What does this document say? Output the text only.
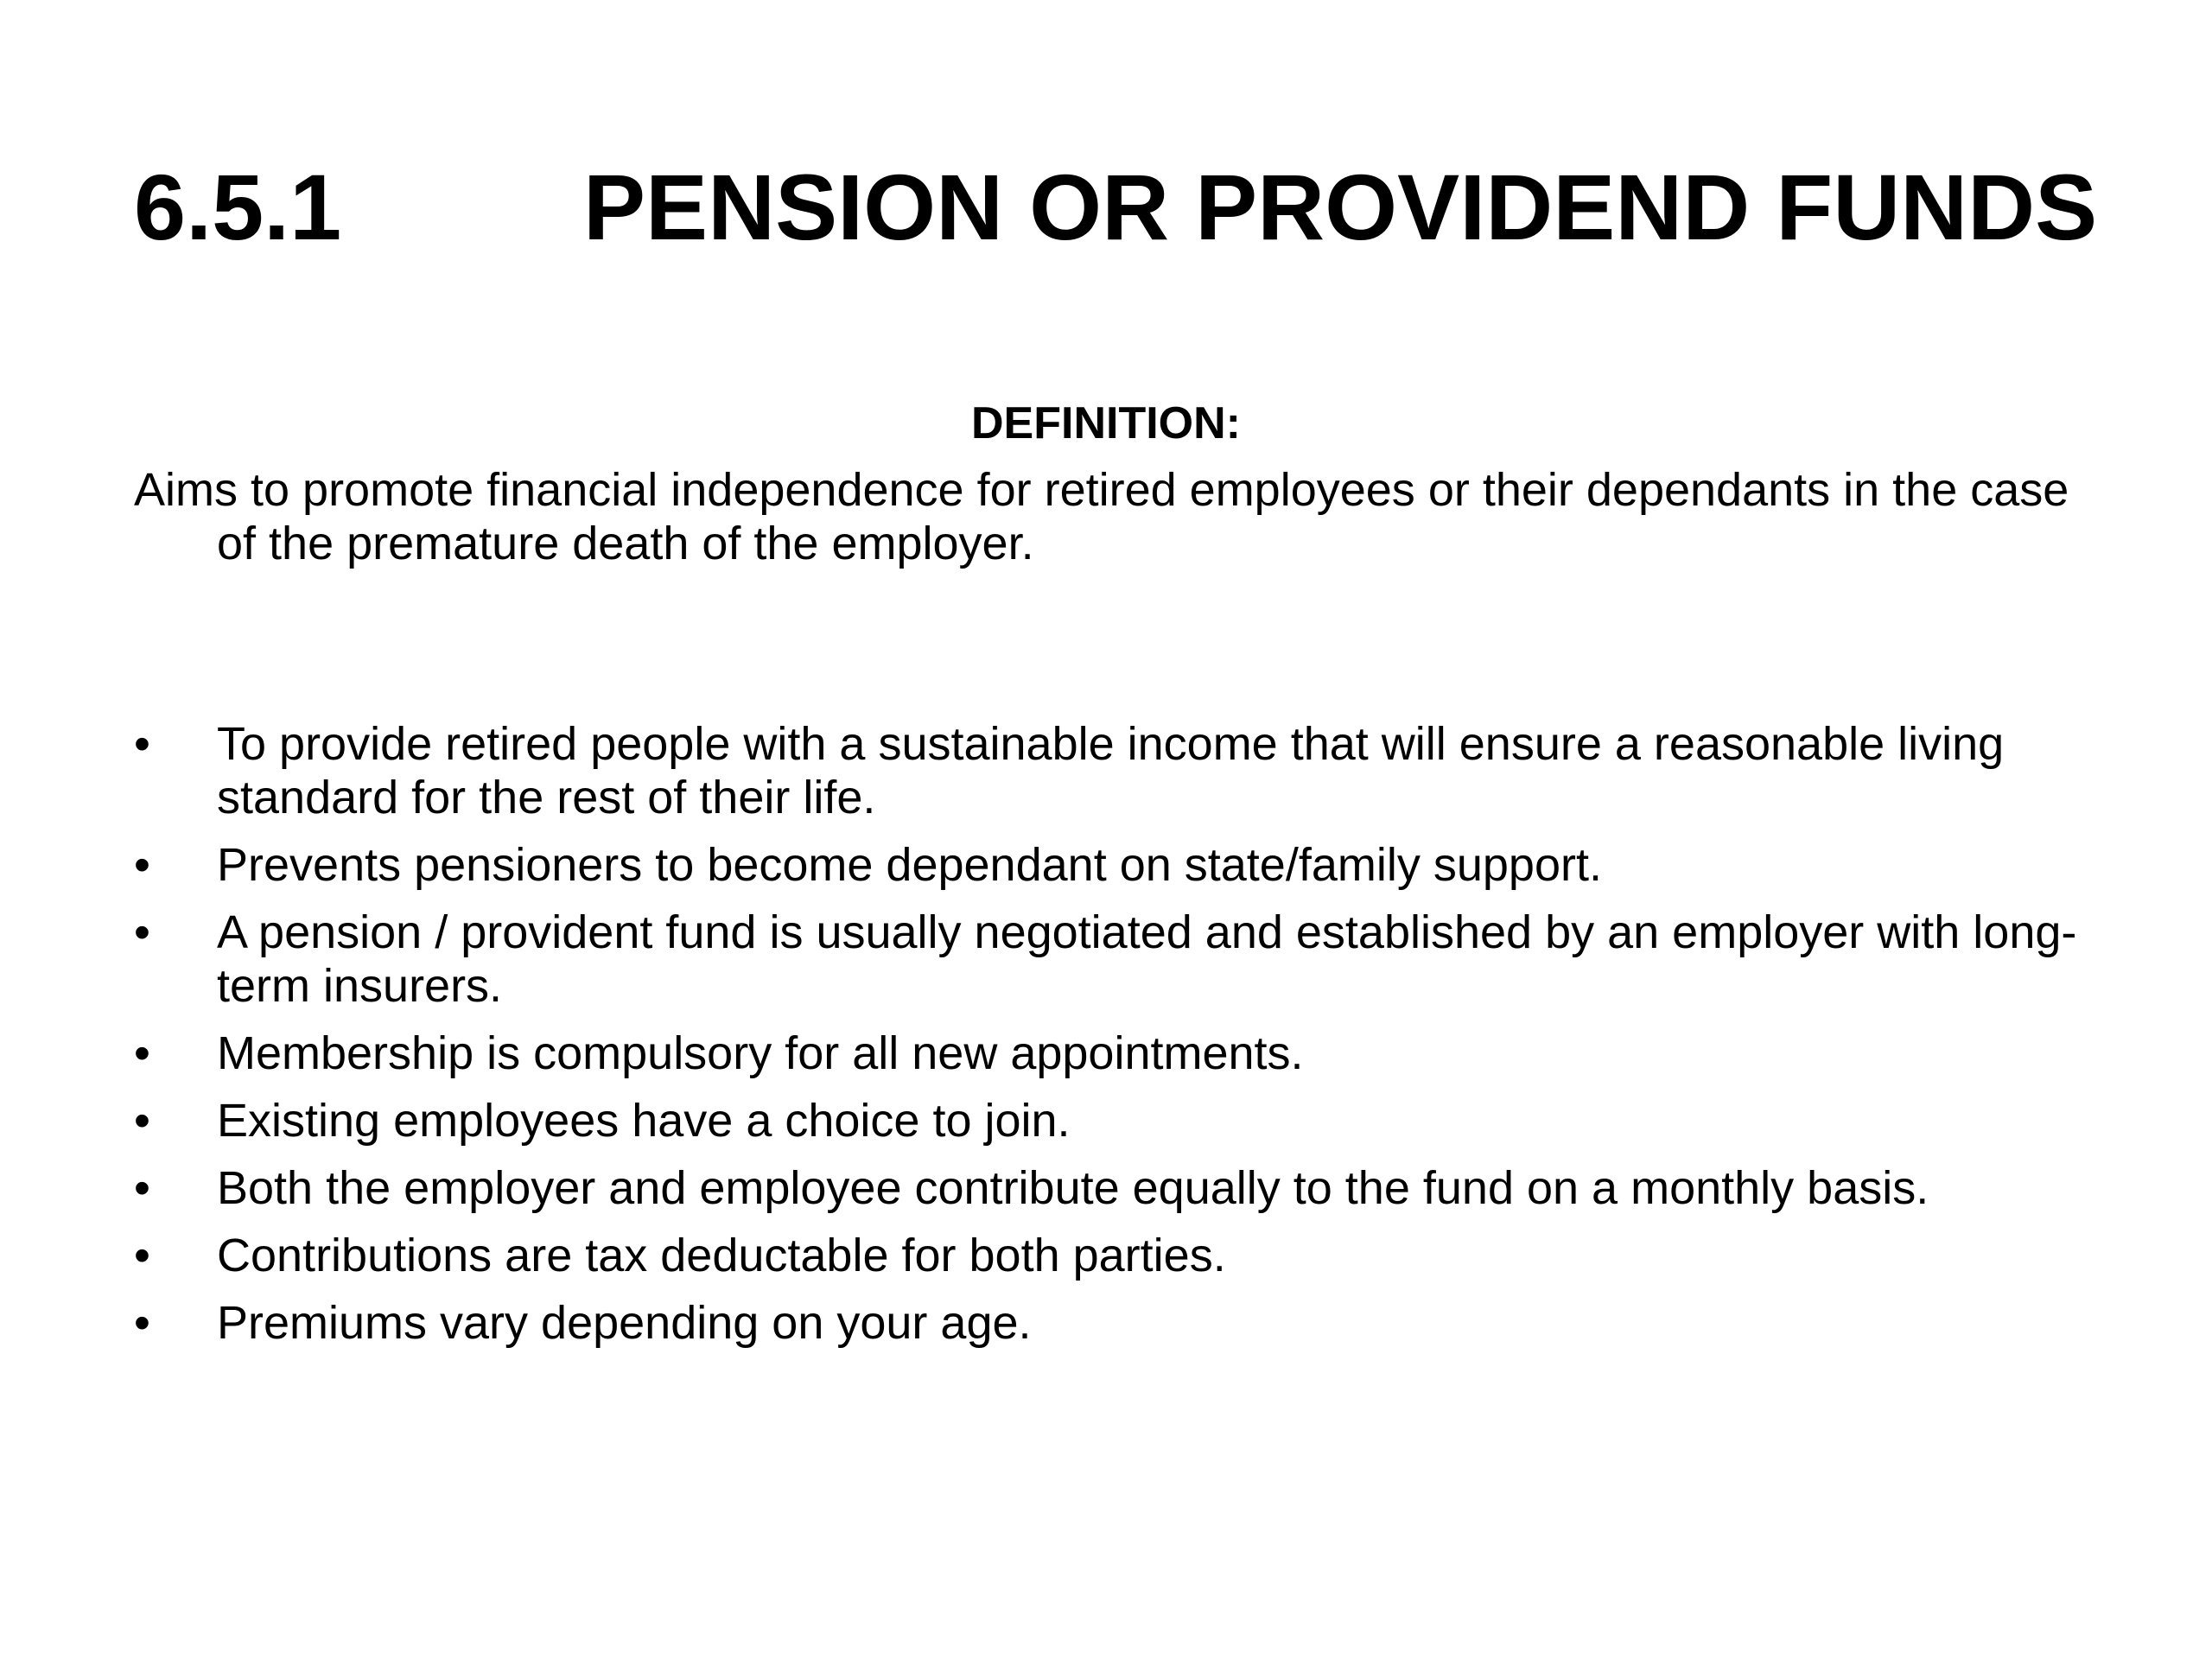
6.5.1	PENSION OR PROVIDEND FUNDS
DEFINITION:
Aims to promote financial independence for retired employees or their dependants in the case of the premature death of the employer.
•	To provide retired people with a sustainable income that will ensure a reasonable living standard for the rest of their life.
•	Prevents pensioners to become dependant on state/family support.
•	A pension / provident fund is usually negotiated and established by an employer with long-term insurers.
•	Membership is compulsory for all new appointments.
•	Existing employees have a choice to join.
•	Both the employer and employee contribute equally to the fund on a monthly basis.
•	Contributions are tax deductable for both parties.
•	Premiums vary depending on your age.
